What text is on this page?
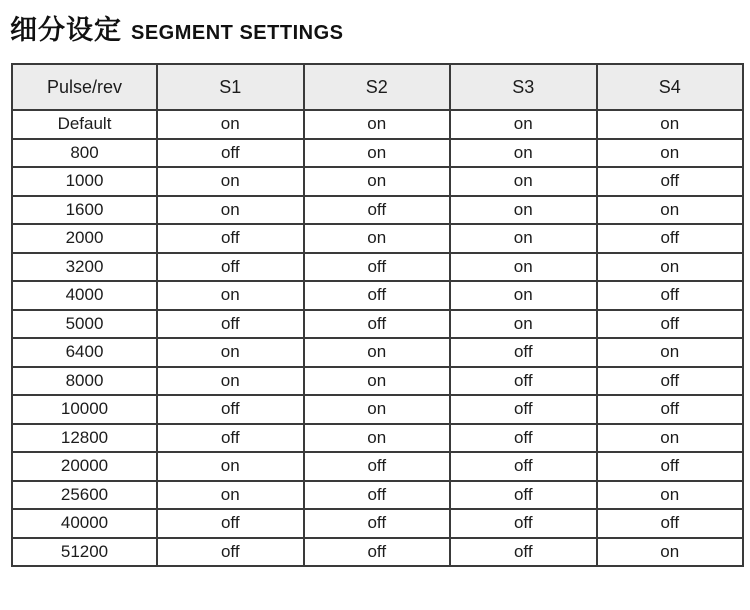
细分设定 SEGMENT SETTINGS
Pulse/rev	S1	S2	S3	S4
Default	on	on	on	on
800	off	on	on	on
1000	on	on	on	off
1600	on	off	on	on
2000	off	on	on	off
3200	off	off	on	on
4000	on	off	on	off
5000	off	off	on	off
6400	on	on	off	on
8000	on	on	off	off
10000	off	on	off	off
12800	off	on	off	on
20000	on	off	off	off
25600	on	off	off	on
40000	off	off	off	off
51200	off	off	off	on
